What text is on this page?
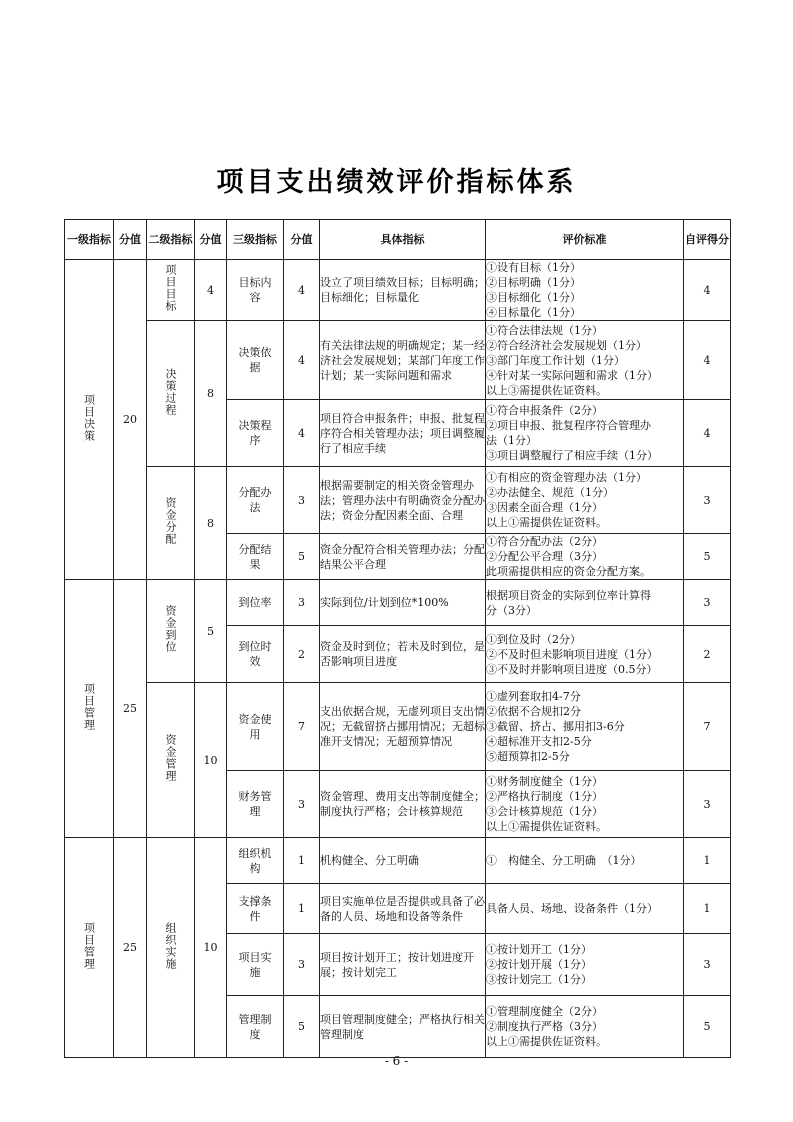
项目支出绩效评价指标体系
一级指标	分值	二级指标	分值	三级指标	分值	具体指标	评价标准	自评得分
项目决策	20	项目目标	4	目标内容	4	设立了项目绩效目标；目标明确；目标细化；目标量化	①设有目标（1分）
②目标明确（1分）
③目标细化（1分）
④目标量化（1分）	4
		决策过程	8	决策依据	4	有关法律法规的明确规定；某一经济社会发展规划；某部门年度工作计划；某一实际问题和需求	①符合法律法规（1分）
②符合经济社会发展规划（1分）
③部门年度工作计划（1分）
④针对某一实际问题和需求（1分）
以上③需提供佐证资料。	4
				决策程序	4	项目符合申报条件；申报、批复程序符合相关管理办法；项目调整履行了相应手续	①符合申报条件（2分）
②项目申报、批复程序符合管理办
法（1分）
③项目调整履行了相应手续（1分）	4
		资金分配	8	分配办法	3	根据需要制定的相关资金管理办法；管理办法中有明确资金分配办法；资金分配因素全面、合理	①有相应的资金管理办法（1分）
②办法健全、规范（1分）
③因素全面合理（1分）
以上①需提供佐证资料。	3
				分配结果	5	资金分配符合相关管理办法；分配结果公平合理	①符合分配办法（2分）
②分配公平合理（3分）
此项需提供相应的资金分配方案。	5
项目管理	25	资金到位	5	到位率	3	实际到位/计划到位*100%	根据项目资金的实际到位率计算得
分（3分）	3
				到位时效	2	资金及时到位；若未及时到位，是否影响项目进度	①到位及时（2分）
②不及时但未影响项目进度（1分）
③不及时并影响项目进度（0.5分）	2
		资金管理	10	资金使用	7	支出依据合规，无虚列项目支出情况；无截留挤占挪用情况；无超标准开支情况；无超预算情况	①虚列套取扣4-7分
②依据不合规扣2分
③截留、挤占、挪用扣3-6分
④超标准开支扣2-5分
⑤超预算扣2-5分	7
				财务管理	3	资金管理、费用支出等制度健全；制度执行严格；会计核算规范	①财务制度健全（1分）
②严格执行制度（1分）
③会计核算规范（1分）
以上①需提供佐证资料。	3
项目管理	25	组织实施	10	组织机构	1	机构健全、分工明确	①　构健全、分工明确　（1分）	1
				支撑条件	1	项目实施单位是否提供或具备了必备的人员、场地和设备等条件	具备人员、场地、设备条件（1分）	1
				项目实施	3	项目按计划开工；按计划进度开展；按计划完工	①按计划开工（1分）
②按计划开展（1分）
③按计划完工（1分）	3
				管理制度	5	项目管理制度健全；严格执行相关管理制度	①管理制度健全（2分）
②制度执行严格（3分）
以上①需提供佐证资料。	5
- 6 -
